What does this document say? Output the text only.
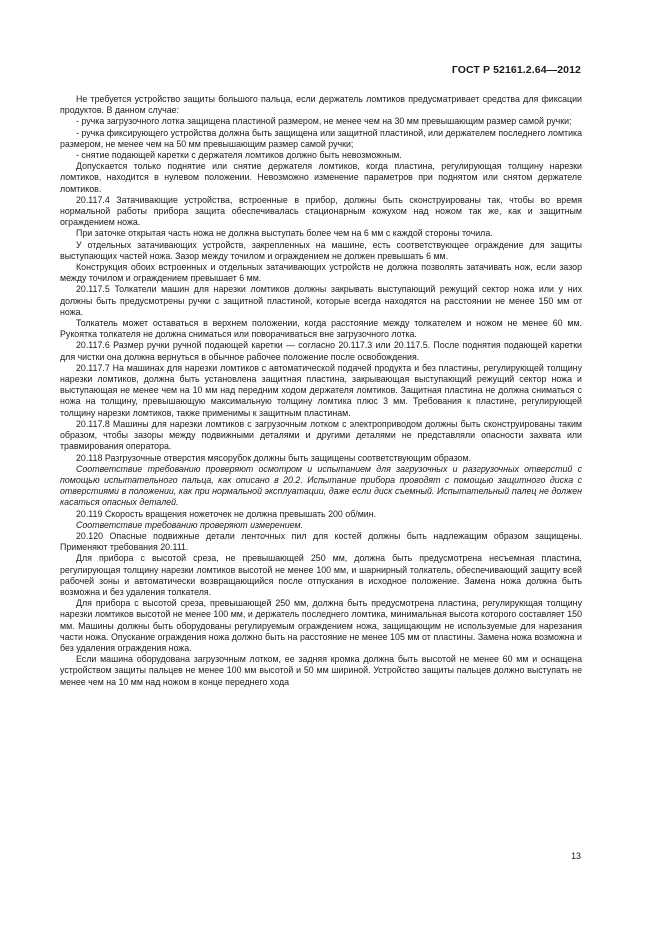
ГОСТ Р 52161.2.64—2012

Не требуется устройство защиты большого пальца, если держатель ломтиков предусматривает средства для фиксации продуктов. В данном случае:

- ручка загрузочного лотка защищена пластиной размером, не менее чем на 30 мм превышающим размер самой ручки;

- ручка фиксирующего устройства должна быть защищена или защитной пластиной, или держателем последнего ломтика размером, не менее чем на 50 мм превышающим размер самой ручки;

- снятие подающей каретки с держателя ломтиков должно быть невозможным.

Допускается только поднятие или снятие держателя ломтиков, когда пластина, регулирующая толщину нарезки ломтиков, находится в нулевом положении. Невозможно изменение параметров при поднятом или снятом держателе ломтиков.

20.117.4 Затачивающие устройства, встроенные в прибор, должны быть сконструированы так, чтобы во время нормальной работы прибора защита обеспечивалась стационарным кожухом над ножом так же, как и защитным ограждением ножа.

При заточке открытая часть ножа не должна выступать более чем на 6 мм с каждой стороны точила.

У отдельных затачивающих устройств, закрепленных на машине, есть соответствующее ограждение для защиты выступающих частей ножа. Зазор между точилом и ограждением не должен превышать 6 мм.

Конструкция обоих встроенных и отдельных затачивающих устройств не должна позволять затачивать нож, если зазор между точилом и ограждением превышает 6 мм.

20.117.5 Толкатели машин для нарезки ломтиков должны закрывать выступающий режущий сектор ножа или у них должны быть предусмотрены ручки с защитной пластиной, которые всегда находятся на расстоянии не менее 150 мм от ножа.

Толкатель может оставаться в верхнем положении, когда расстояние между толкателем и ножом не менее 60 мм. Рукоятка толкателя не должна сниматься или поворачиваться вне загрузочного лотка.

20.117.6 Размер ручки ручной подающей каретки — согласно 20.117.3 или 20.117.5. После поднятия подающей каретки для чистки она должна вернуться в обычное рабочее положение после освобождения.

20.117.7 На машинах для нарезки ломтиков с автоматической подачей продукта и без пластины, регулирующей толщину нарезки ломтиков, должна быть установлена защитная пластина, закрывающая выступающий режущий сектор ножа и выступающая не менее чем на 10 мм над передним ходом держателя ломтиков. Защитная пластина не должна сниматься с ножа на толщину, превышающую максимальную толщину ломтика плюс 3 мм. Требования к пластине, регулирующей толщину нарезки ломтиков, также применимы к защитным пластинам.

20.117.8 Машины для нарезки ломтиков с загрузочным лотком с электроприводом должны быть сконструированы таким образом, чтобы зазоры между подвижными деталями и другими деталями не представляли опасности захвата или травмирования оператора.

20.118 Разгрузочные отверстия мясорубок должны быть защищены соответствующим образом.

Соответствие требованию проверяют осмотром и испытанием для загрузочных и разгрузочных отверстий с помощью испытательного пальца, как описано в 20.2. Испытание прибора проводят с помощью защитного диска с отверстиями в положении, как при нормальной эксплуатации, даже если диск съемный. Испытательный палец не должен касаться опасных деталей.

20.119 Скорость вращения ножеточек не должна превышать 200 об/мин.

Соответствие требованию проверяют измерением.

20.120 Опасные подвижные детали ленточных пил для костей должны быть надлежащим образом защищены. Применяют требования 20.111.

Для прибора с высотой среза, не превышающей 250 мм, должна быть предусмотрена несъемная пластина, регулирующая толщину нарезки ломтиков высотой не менее 100 мм, и шарнирный толкатель, обеспечивающий защиту всей рабочей зоны и автоматически возвращающийся после отпускания в исходное положение. Замена ножа должна быть возможна и без удаления толкателя.

Для прибора с высотой среза, превышающей 250 мм, должна быть предусмотрена пластина, регулирующая толщину нарезки ломтиков высотой не менее 100 мм, и держатель последнего ломтика, минимальная высота которого составляет 150 мм. Машины должны быть оборудованы регулируемым ограждением ножа, защищающим не используемые для нарезания части ножа. Опускание ограждения ножа должно быть на расстояние не менее 105 мм от пластины. Замена ножа возможна и без удаления ограждения ножа.

Если машина оборудована загрузочным лотком, ее задняя кромка должна быть высотой не менее 60 мм и оснащена устройством защиты пальцев не менее 100 мм высотой и 50 мм шириной. Устройство защиты пальцев должно выступать не менее чем на 10 мм над ножом в конце переднего хода

13
